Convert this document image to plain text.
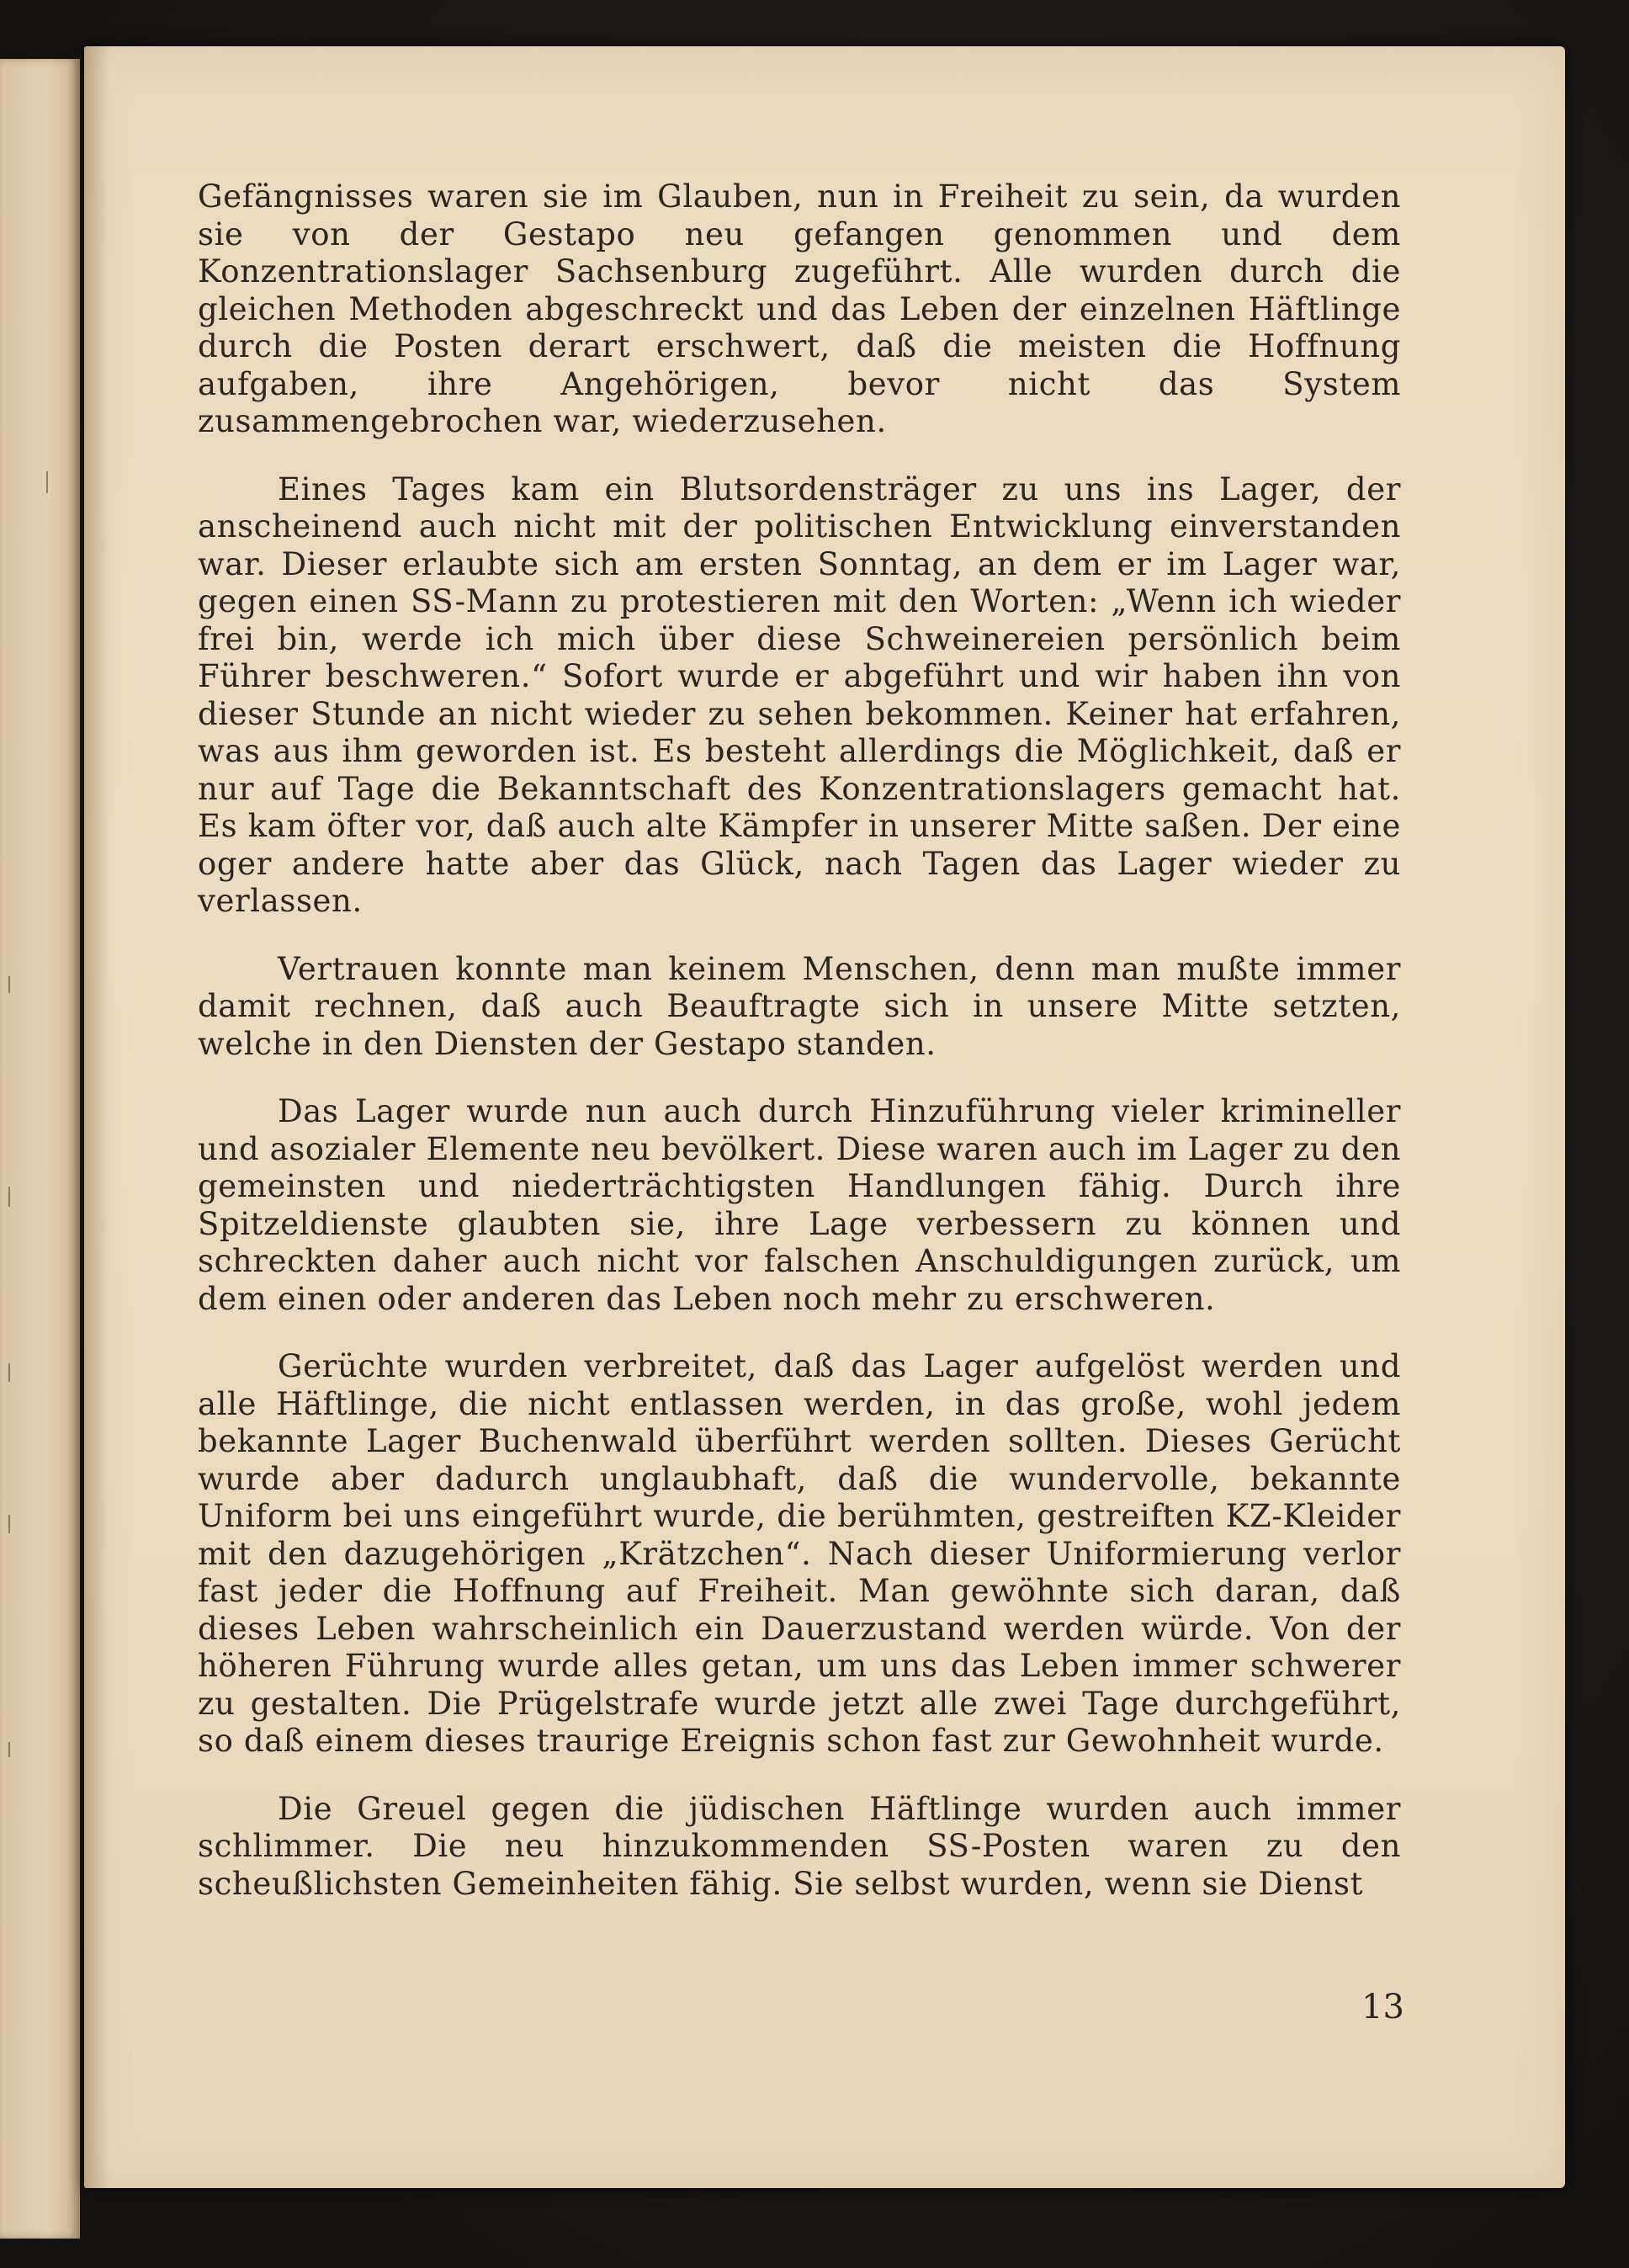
Gefängnisses waren sie im Glauben, nun in Freiheit zu sein, da wurden sie von der Gestapo neu gefangen genommen und dem Konzentrationslager Sachsenburg zugeführt. Alle wurden durch die gleichen Methoden abgeschreckt und das Leben der einzelnen Häftlinge durch die Posten derart erschwert, daß die meisten die Hoffnung aufgaben, ihre Angehörigen, bevor nicht das System zusammengebrochen war, wiederzusehen.

Eines Tages kam ein Blutsordensträger zu uns ins Lager, der anscheinend auch nicht mit der politischen Entwicklung einverstanden war. Dieser erlaubte sich am ersten Sonntag, an dem er im Lager war, gegen einen SS-Mann zu protestieren mit den Worten: „Wenn ich wieder frei bin, werde ich mich über diese Schweinereien persönlich beim Führer beschweren.“ Sofort wurde er abgeführt und wir haben ihn von dieser Stunde an nicht wieder zu sehen bekommen. Keiner hat erfahren, was aus ihm geworden ist. Es besteht allerdings die Möglichkeit, daß er nur auf Tage die Bekanntschaft des Konzentrationslagers gemacht hat. Es kam öfter vor, daß auch alte Kämpfer in unserer Mitte saßen. Der eine oger andere hatte aber das Glück, nach Tagen das Lager wieder zu verlassen.

Vertrauen konnte man keinem Menschen, denn man mußte immer damit rechnen, daß auch Beauftragte sich in unsere Mitte setzten, welche in den Diensten der Gestapo standen.

Das Lager wurde nun auch durch Hinzuführung vieler krimineller und asozialer Elemente neu bevölkert. Diese waren auch im Lager zu den gemeinsten und niederträchtigsten Handlungen fähig. Durch ihre Spitzeldienste glaubten sie, ihre Lage verbessern zu können und schreckten daher auch nicht vor falschen Anschuldigungen zurück, um dem einen oder anderen das Leben noch mehr zu erschweren.

Gerüchte wurden verbreitet, daß das Lager aufgelöst werden und alle Häftlinge, die nicht entlassen werden, in das große, wohl jedem bekannte Lager Buchenwald überführt werden sollten. Dieses Gerücht wurde aber dadurch unglaubhaft, daß die wundervolle, bekannte Uniform bei uns eingeführt wurde, die berühmten, gestreiften KZ-Kleider mit den dazugehörigen „Krätzchen“. Nach dieser Uniformierung verlor fast jeder die Hoffnung auf Freiheit. Man gewöhnte sich daran, daß dieses Leben wahrscheinlich ein Dauerzustand werden würde. Von der höheren Führung wurde alles getan, um uns das Leben immer schwerer zu gestalten. Die Prügelstrafe wurde jetzt alle zwei Tage durchgeführt, so daß einem dieses traurige Ereignis schon fast zur Gewohnheit wurde.

Die Greuel gegen die jüdischen Häftlinge wurden auch immer schlimmer. Die neu hinzukommenden SS-Posten waren zu den scheußlichsten Gemeinheiten fähig. Sie selbst wurden, wenn sie Dienst

13
